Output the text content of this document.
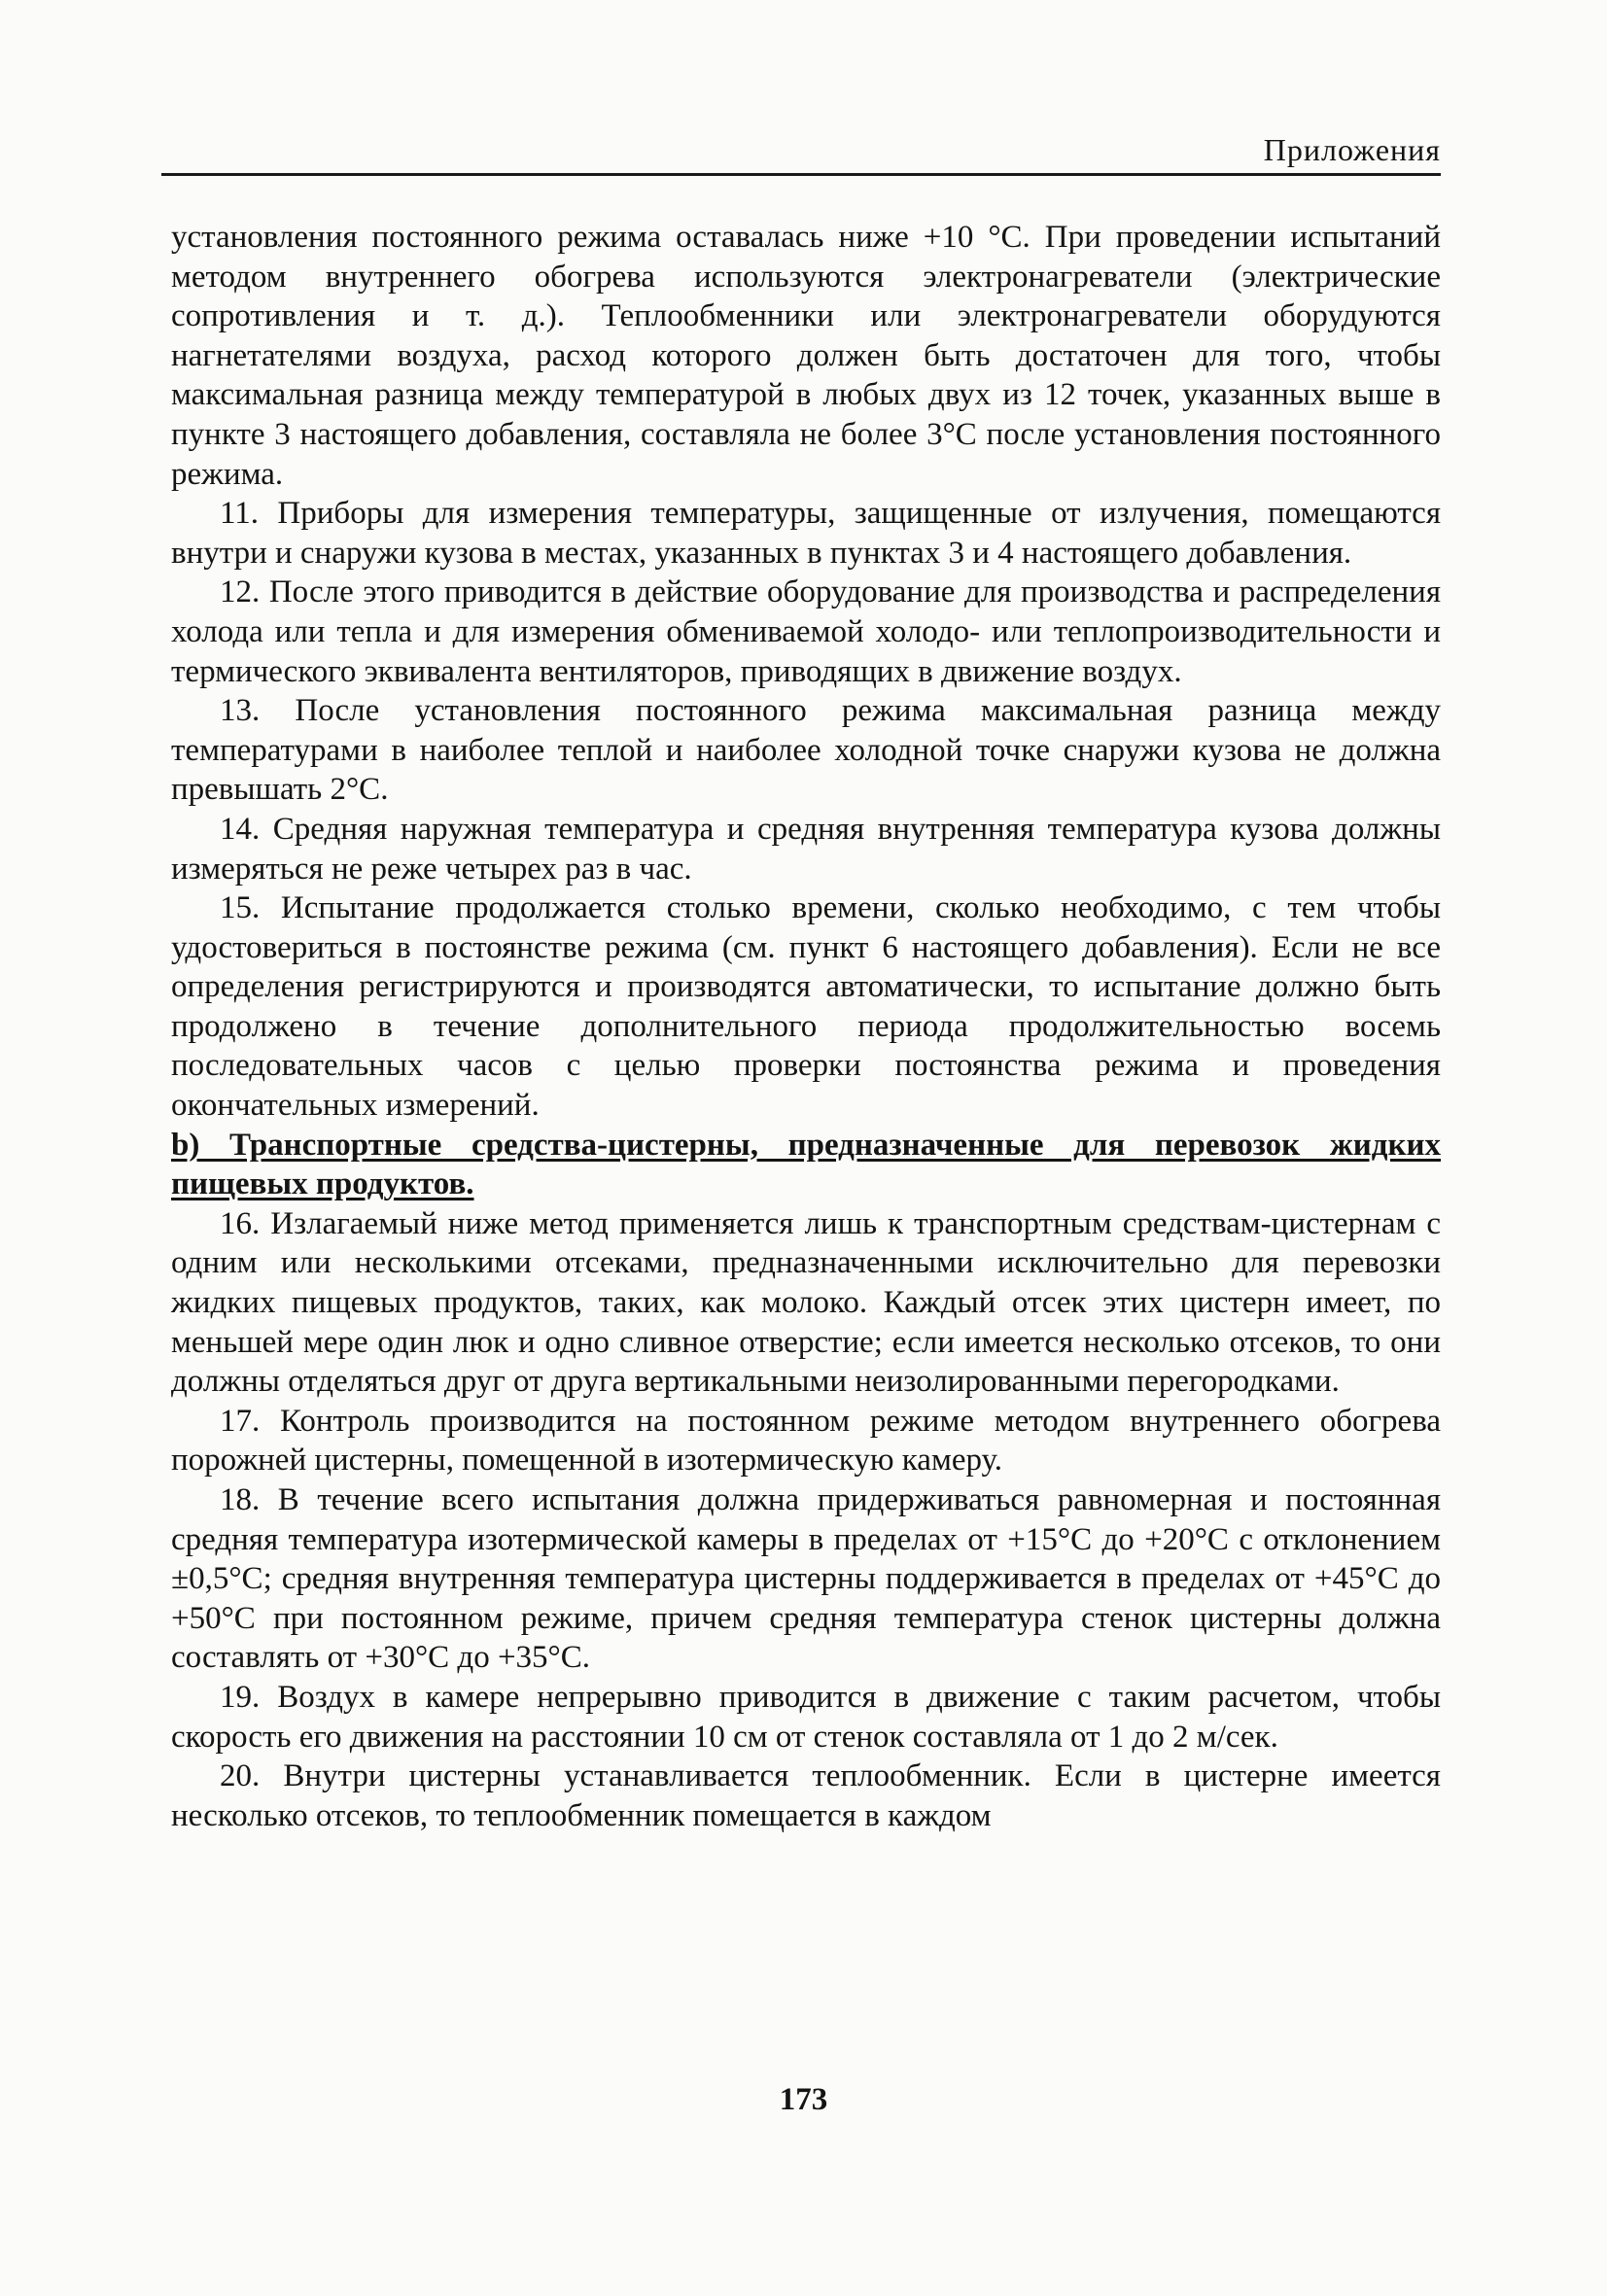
Приложения

установления постоянного режима оставалась ниже +10 °С. При проведении испытаний методом внутреннего обогрева используются электронагреватели (электрические сопротивления и т. д.). Теплообменники или электронагреватели оборудуются нагнетателями воздуха, расход которого должен быть достаточен для того, чтобы максимальная разница между температурой в любых двух из 12 точек, указанных выше в пункте 3 настоящего добавления, составляла не более 3°С после установления постоянного режима.

11. Приборы для измерения температуры, защищенные от излучения, помещаются внутри и снаружи кузова в местах, указанных в пунктах 3 и 4 настоящего добавления.

12. После этого приводится в действие оборудование для производства и распределения холода или тепла и для измерения обмениваемой холодо- или теплопроизводительности и термического эквивалента вентиляторов, приводящих в движение воздух.

13. После установления постоянного режима максимальная разница между температурами в наиболее теплой и наиболее холодной точке снаружи кузова не должна превышать 2°С.

14. Средняя наружная температура и средняя внутренняя температура кузова должны измеряться не реже четырех раз в час.

15. Испытание продолжается столько времени, сколько необходимо, с тем чтобы удостовериться в постоянстве режима (см. пункт 6 настоящего добавления). Если не все определения регистрируются и производятся автоматически, то испытание должно быть продолжено в течение дополнительного периода продолжительностью восемь последовательных часов с целью проверки постоянства режима и проведения окончательных измерений.

b) Транспортные средства-цистерны, предназначенные для перевозок жидких пищевых продуктов.

16. Излагаемый ниже метод применяется лишь к транспортным средствам-цистернам с одним или несколькими отсеками, предназначенными исключительно для перевозки жидких пищевых продуктов, таких, как молоко. Каждый отсек этих цистерн имеет, по меньшей мере один люк и одно сливное отверстие; если имеется несколько отсеков, то они должны отделяться друг от друга вертикальными неизолированными перегородками.

17. Контроль производится на постоянном режиме методом внутреннего обогрева порожней цистерны, помещенной в изотермическую камеру.

18. В течение всего испытания должна придерживаться равномерная и постоянная средняя температура изотермической камеры в пределах от +15°С до +20°С с отклонением ±0,5°С; средняя внутренняя температура цистерны поддерживается в пределах от +45°С до +50°С при постоянном режиме, причем средняя температура стенок цистерны должна составлять от +30°С до +35°С.

19. Воздух в камере непрерывно приводится в движение с таким расчетом, чтобы скорость его движения на расстоянии 10 см от стенок составляла от 1 до 2 м/сек.

20. Внутри цистерны устанавливается теплообменник. Если в цистерне имеется несколько отсеков, то теплообменник помещается в каждом

173
